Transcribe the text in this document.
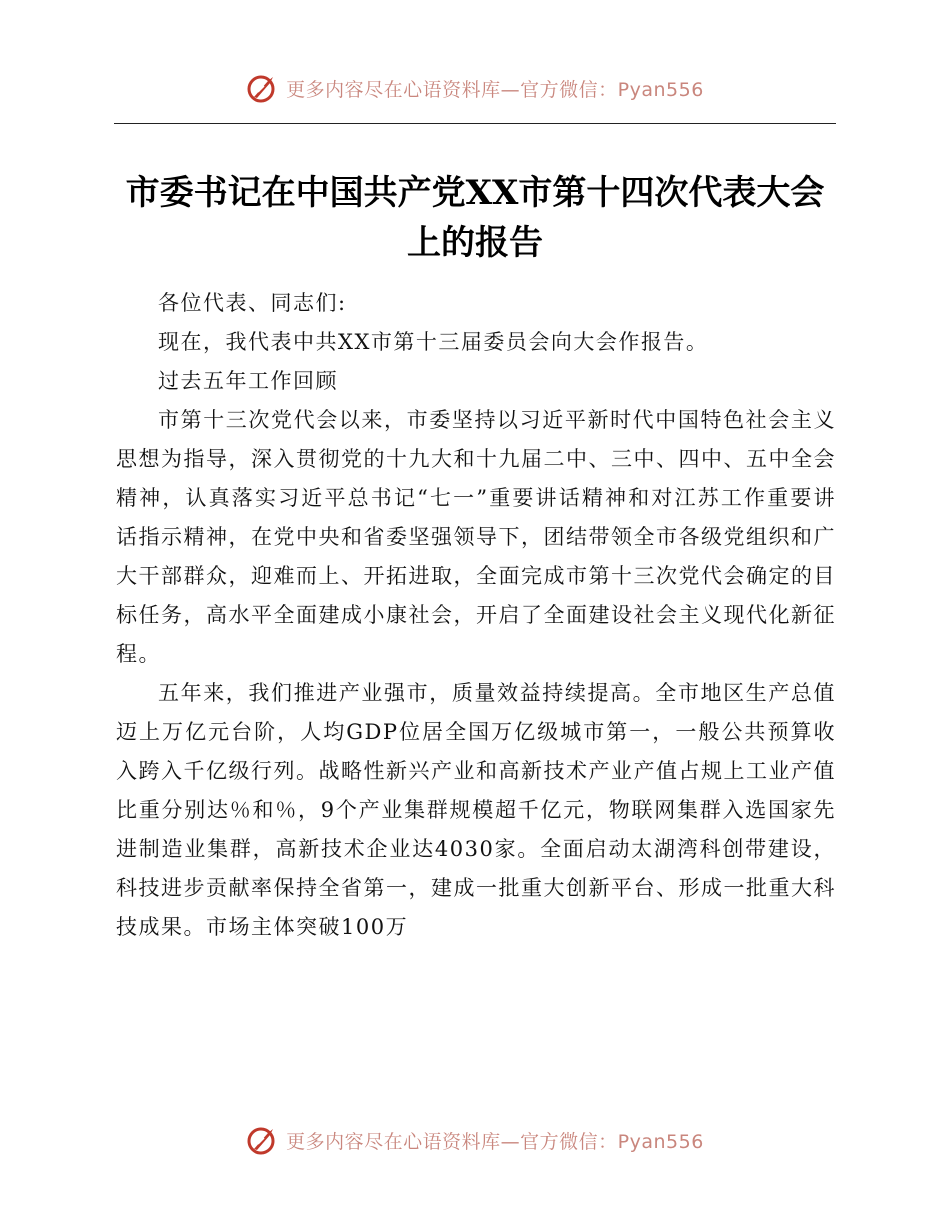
更多内容尽在心语资料库—官方微信：Pyan556
市委书记在中国共产党XX市第十四次代表大会上的报告

各位代表、同志们:

现在，我代表中共XX市第十三届委员会向大会作报告。

过去五年工作回顾

市第十三次党代会以来，市委坚持以习近平新时代中国特色社会主义思想为指导，深入贯彻党的十九大和十九届二中、三中、四中、五中全会精神，认真落实习近平总书记“七一”重要讲话精神和对江苏工作重要讲话指示精神，在党中央和省委坚强领导下，团结带领全市各级党组织和广大干部群众，迎难而上、开拓进取，全面完成市第十三次党代会确定的目标任务，高水平全面建成小康社会，开启了全面建设社会主义现代化新征程。

五年来，我们推进产业强市，质量效益持续提高。全市地区生产总值迈上万亿元台阶，人均GDP位居全国万亿级城市第一，一般公共预算收入跨入千亿级行列。战略性新兴产业和高新技术产业产值占规上工业产值比重分别达％和％，9个产业集群规模超千亿元，物联网集群入选国家先进制造业集群，高新技术企业达4030家。全面启动太湖湾科创带建设，科技进步贡献率保持全省第一，建成一批重大创新平台、形成一批重大科技成果。市场主体突破100万

更多内容尽在心语资料库—官方微信：Pyan556
